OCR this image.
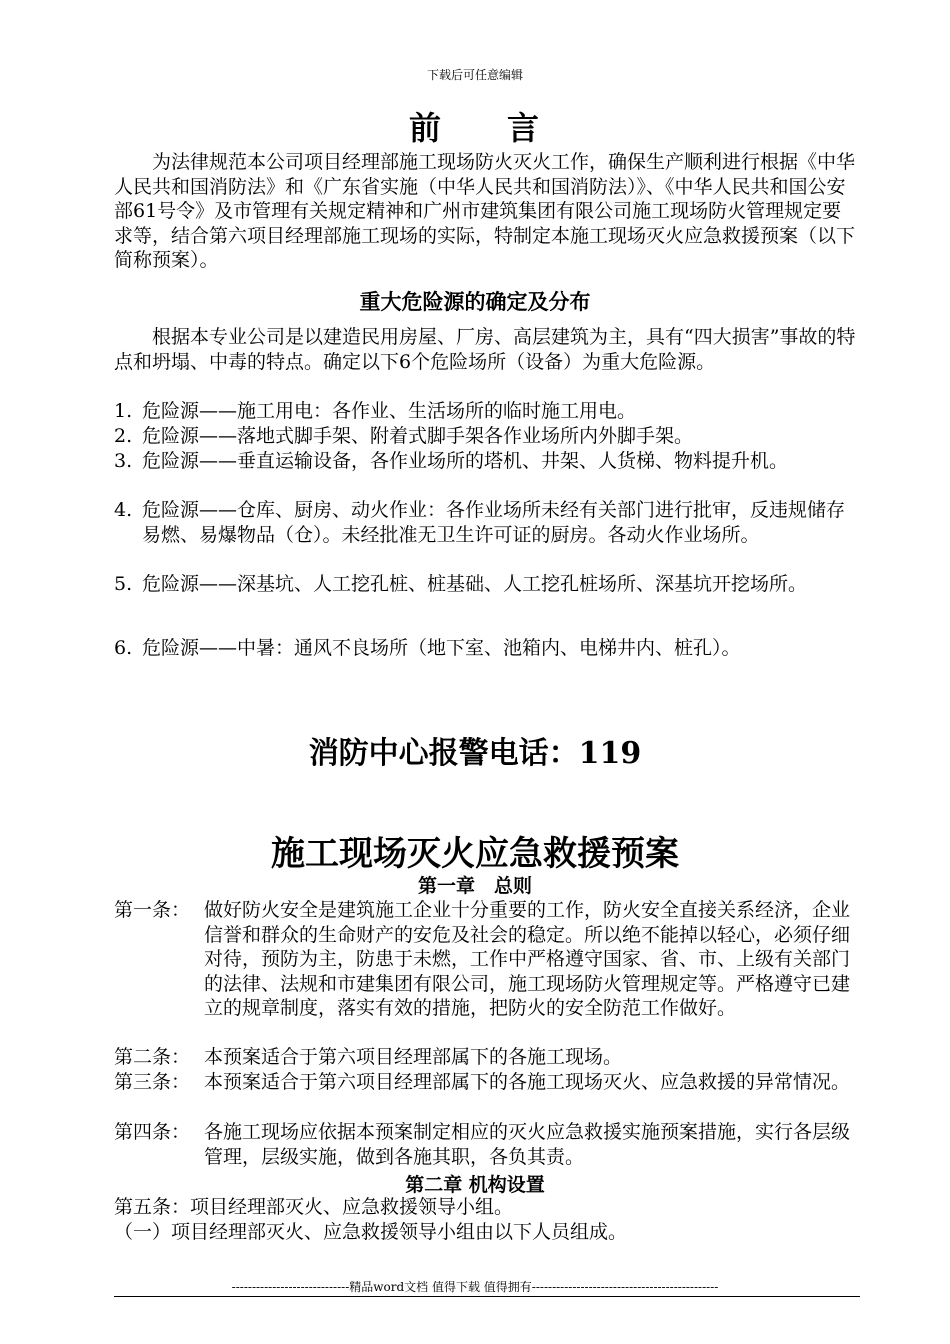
下载后可任意编辑
前 言

为法律规范本公司项目经理部施工现场防火灭火工作，确保生产顺利进行根据《中华人民共和国消防法》和《广东省实施（中华人民共和国消防法）》、《中华人民共和国公安部61号令》及市管理有关规定精神和广州市建筑集团有限公司施工现场防火管理规定要求等，结合第六项目经理部施工现场的实际，特制定本施工现场灭火应急救援预案（以下简称预案）。

重大危险源的确定及分布

根据本专业公司是以建造民用房屋、厂房、高层建筑为主，具有“四大损害”事故的特点和坍塌、中毒的特点。确定以下6个危险场所（设备）为重大危险源。

1. 危险源——施工用电：各作业、生活场所的临时施工用电。
2. 危险源——落地式脚手架、附着式脚手架各作业场所内外脚手架。
3. 危险源——垂直运输设备，各作业场所的塔机、井架、人货梯、物料提升机。
4. 危险源——仓库、厨房、动火作业：各作业场所未经有关部门进行批审，反违规储存易燃、易爆物品（仓）。未经批准无卫生许可证的厨房。各动火作业场所。
5. 危险源——深基坑、人工挖孔桩、桩基础、人工挖孔桩场所、深基坑开挖场所。
6. 危险源——中暑：通风不良场所（地下室、池箱内、电梯井内、桩孔）。
消防中心报警电话：119
施工现场灭火应急救援预案
第一章　总则
第一条： 做好防火安全是建筑施工企业十分重要的工作，防火安全直接关系经济，企业信誉和群众的生命财产的安危及社会的稳定。所以绝不能掉以轻心，必须仔细对待，预防为主，防患于未燃，工作中严格遵守国家、省、市、上级有关部门的法律、法规和市建集团有限公司，施工现场防火管理规定等。严格遵守已建立的规章制度，落实有效的措施，把防火的安全防范工作做好。
第二条： 本预案适合于第六项目经理部属下的各施工现场。
第三条： 本预案适合于第六项目经理部属下的各施工现场灭火、应急救援的异常情况。
第四条： 各施工现场应依据本预案制定相应的灭火应急救援实施预案措施，实行各层级管理，层级实施，做到各施其职，各负其责。
第二章 机构设置
第五条：项目经理部灭火、应急救援领导小组。
（一）项目经理部灭火、应急救援领导小组由以下人员组成。
-----------------------------精品word文档 值得下载 值得拥有----------------------------------------------
